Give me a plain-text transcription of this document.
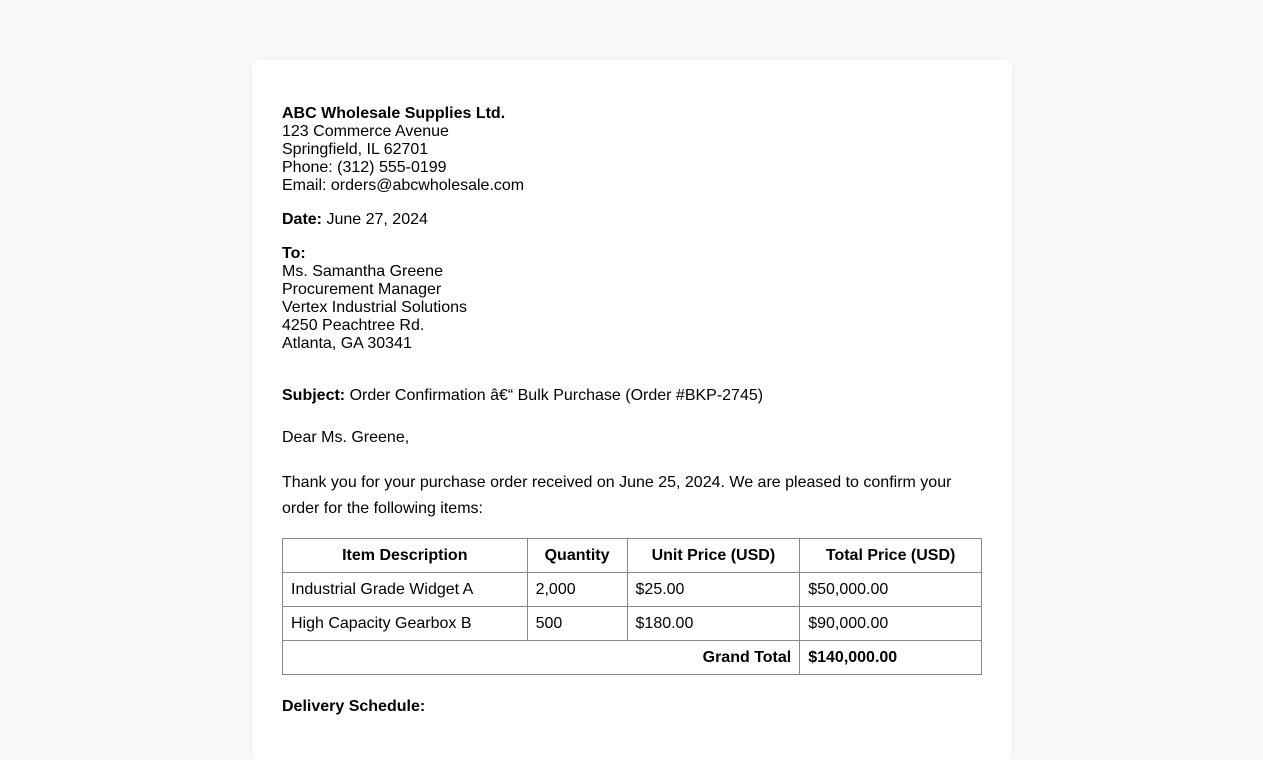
ABC Wholesale Supplies Ltd.
123 Commerce Avenue
Springfield, IL 62701
Phone: (312) 555-0199
Email: orders@abcwholesale.com
Date: June 27, 2024
To:
Ms. Samantha Greene
Procurement Manager
Vertex Industrial Solutions
4250 Peachtree Rd.
Atlanta, GA 30341
Subject: Order Confirmation â€“ Bulk Purchase (Order #BKP-2745)
Dear Ms. Greene,
Thank you for your purchase order received on June 25, 2024. We are pleased to confirm your order for the following items:
Item Description	Quantity	Unit Price (USD)	Total Price (USD)
Industrial Grade Widget A	2,000	$25.00	$50,000.00
High Capacity Gearbox B	500	$180.00	$90,000.00
Grand Total			$140,000.00
Delivery Schedule:
